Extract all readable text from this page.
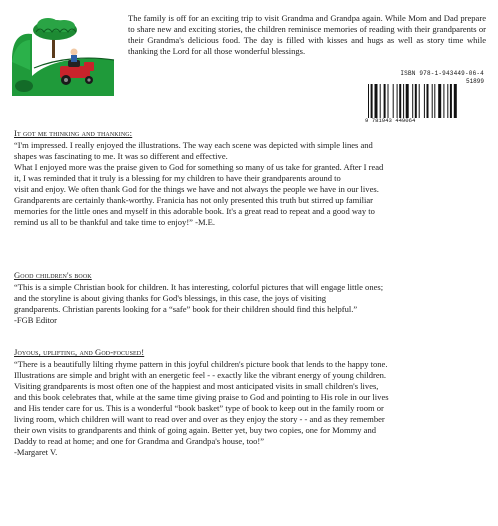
The family is off for an exciting trip to visit Grandma and Grandpa again. While Mom and Dad prepare to share new and exciting stories, the children reminisce memories of reading with their grandparents or their Grandma's delicious food. The day is filled with kisses and hugs as well as story time while thanking the Lord for all those wonderful blessings.

ISBN 978-1-943449-06-4
51899
9 781943 449064
It got me thinking and thanking:

“I'm impressed. I really enjoyed the illustrations. The way each scene was depicted with simple lines and
shapes was fascinating to me. It was so different and effective.
What I enjoyed more was the praise given to God for something so many of us take for granted. After I read
it, I was reminded that it truly is a blessing for my children to have their grandparents around to
visit and enjoy. We often thank God for the things we have and not always the people we have in our lives.
Grandparents are certainly thank-worthy. Franicia has not only presented this truth but stirred up familiar
memories for the little ones and myself in this adorable book. It's a great read to repeat and a good way to
remind us all to be thankful and take time to enjoy!” -M.E.

Good children's book

“This is a simple Christian book for children. It has interesting, colorful pictures that will engage little ones;
and the storyline is about giving thanks for God's blessings, in this case, the joys of visiting
grandparents. Christian parents looking for a “safe” book for their children should find this helpful.”

-FGB Editor

Joyous, uplifting, and God-focused!

“There is a beautifully lilting rhyme pattern in this joyful children's picture book that lends to the happy tone.
Illustrations are simple and bright with an energetic feel - - exactly like the vibrant energy of young children.
Visiting grandparents is most often one of the happiest and most anticipated visits in small children's lives,
and this book celebrates that, while at the same time giving praise to God and pointing to His role in our lives
and His tender care for us. This is a wonderful “book basket” type of book to keep out in the family room or
living room, which children will want to read over and over as they enjoy the story - - and as they remember
their own visits to grandparents and think of going again. Better yet, buy two copies, one for Mommy and
Daddy to read at home; and one for Grandma and Grandpa's house, too!”

-Margaret V.
